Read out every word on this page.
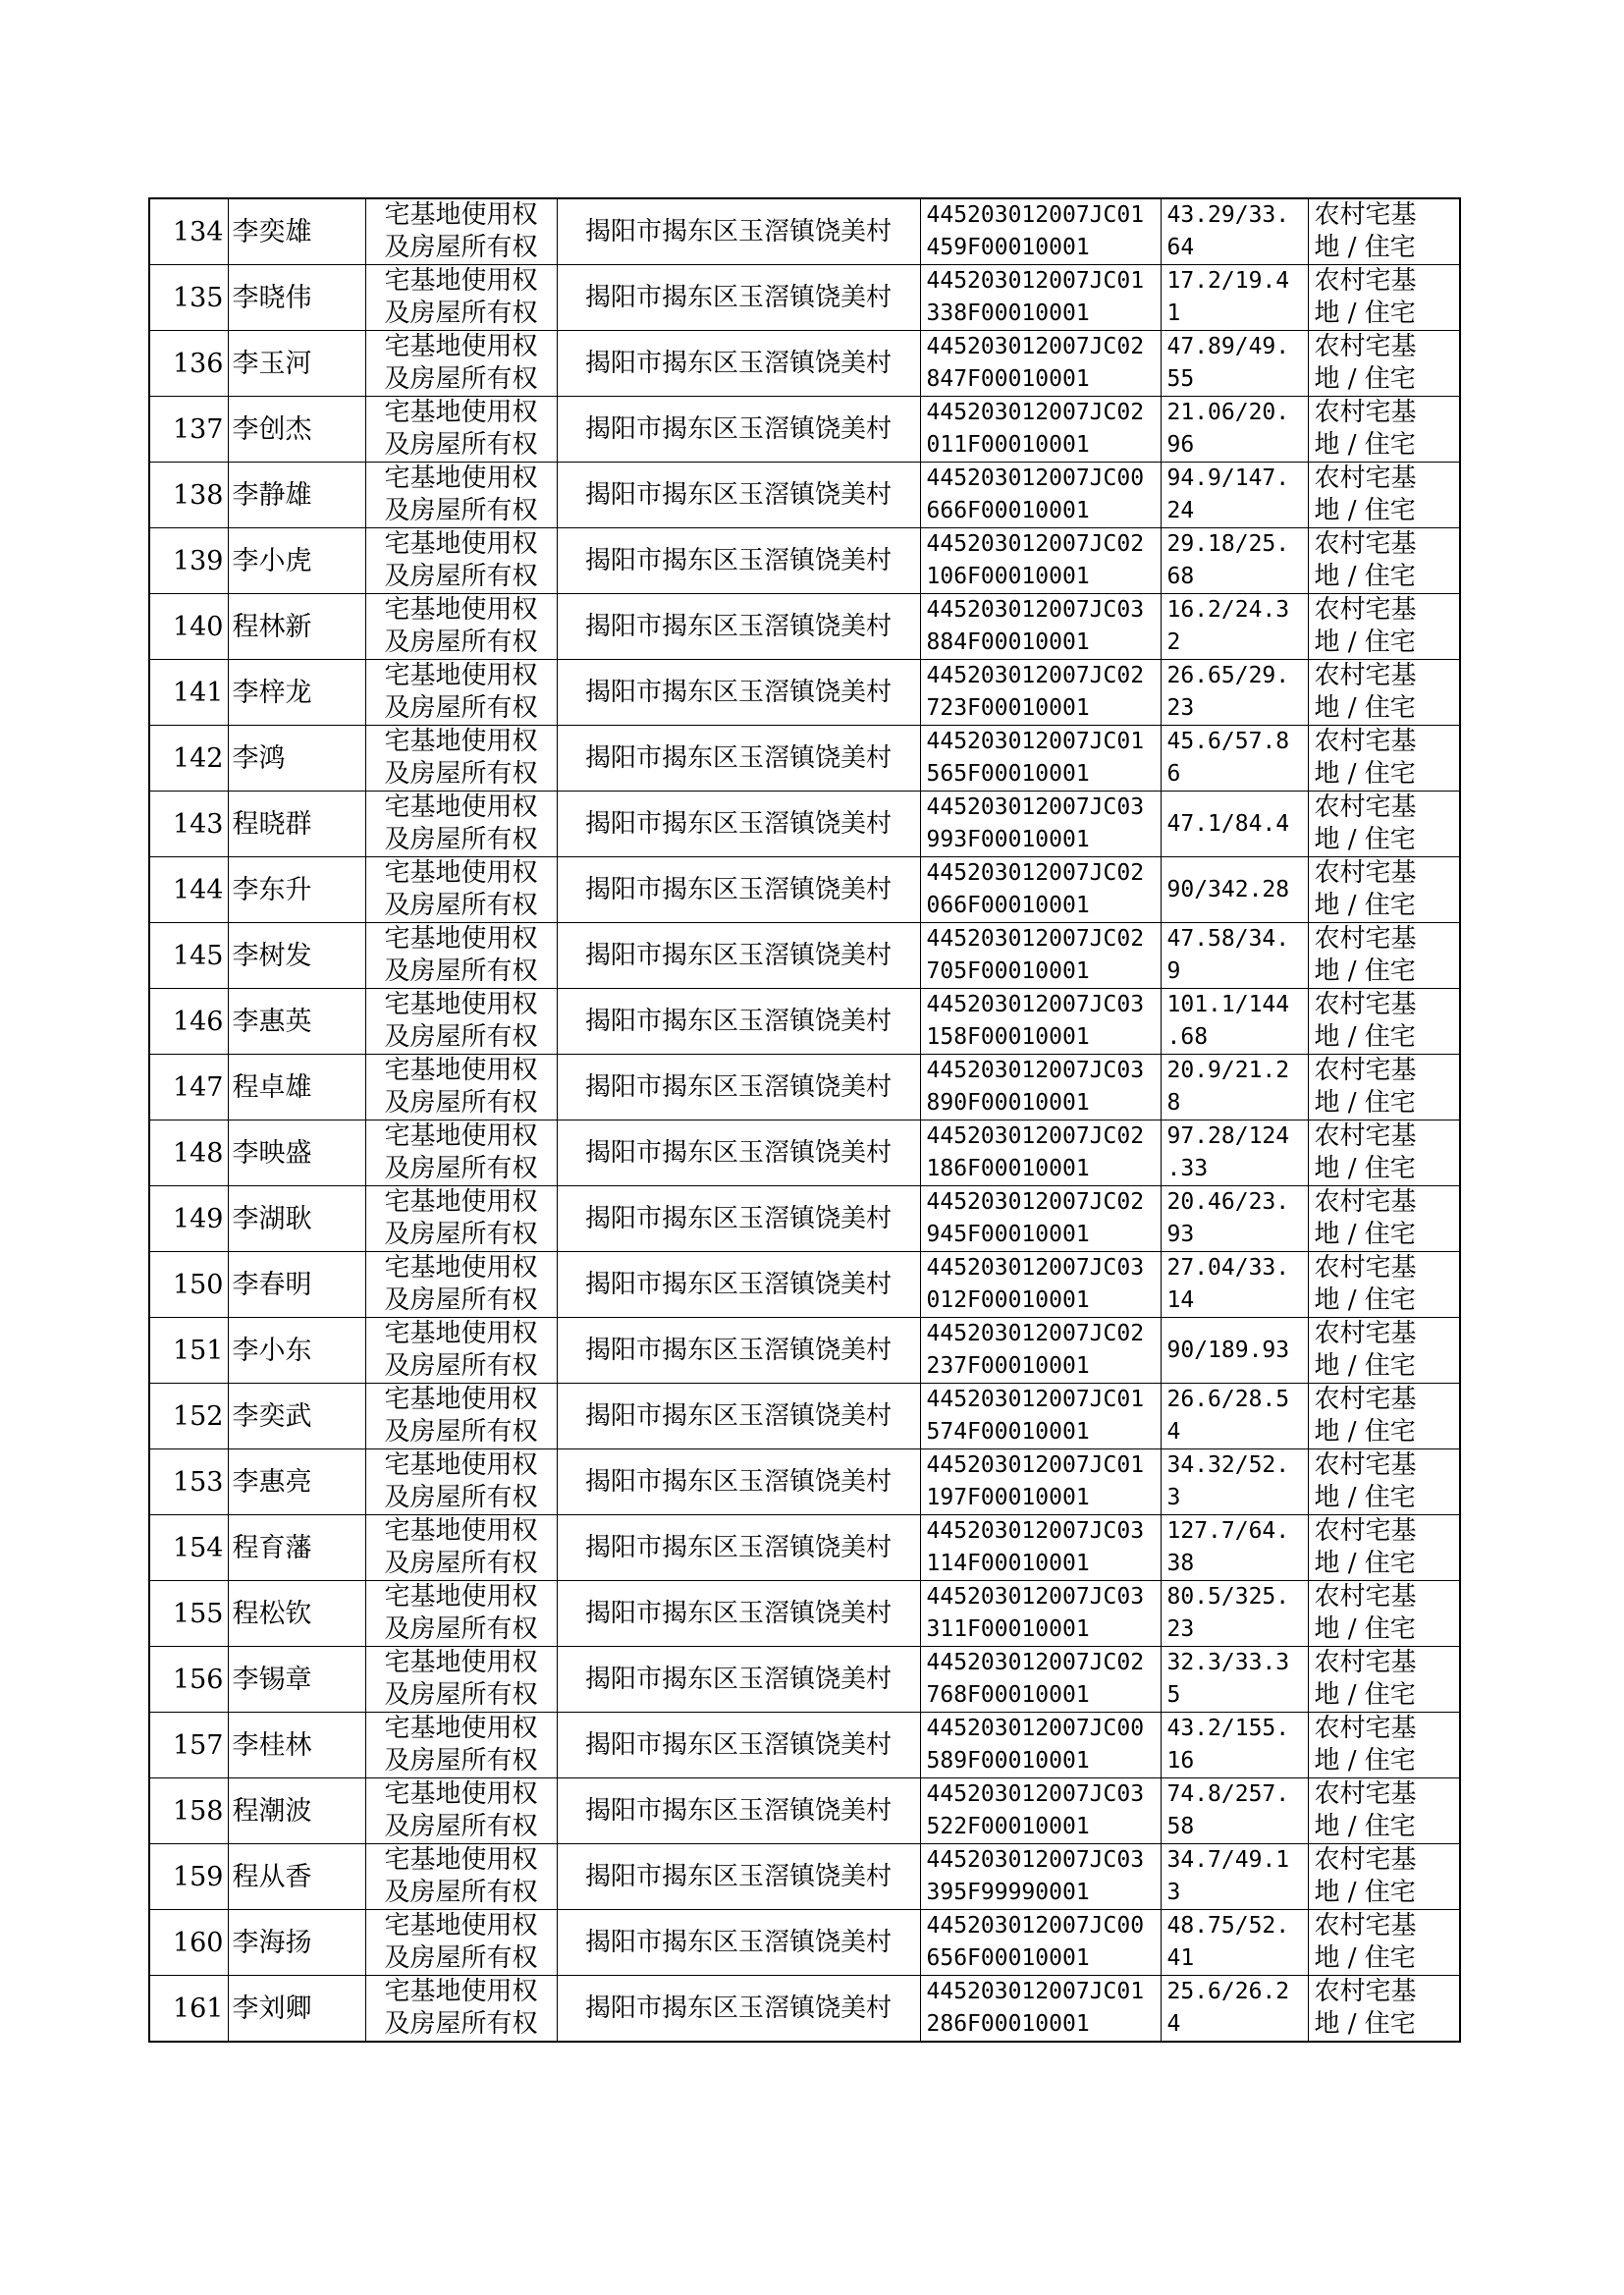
134	李奕雄	宅基地使用权
及房屋所有权	揭阳市揭东区玉滘镇饶美村	445203012007JC01
459F00010001	43.29/33.
64	农村宅基
地 / 住宅

135	李晓伟	宅基地使用权
及房屋所有权	揭阳市揭东区玉滘镇饶美村	445203012007JC01
338F00010001	17.2/19.4
1	农村宅基
地 / 住宅

136	李玉河	宅基地使用权
及房屋所有权	揭阳市揭东区玉滘镇饶美村	445203012007JC02
847F00010001	47.89/49.
55	农村宅基
地 / 住宅

137	李创杰	宅基地使用权
及房屋所有权	揭阳市揭东区玉滘镇饶美村	445203012007JC02
011F00010001	21.06/20.
96	农村宅基
地 / 住宅

138	李静雄	宅基地使用权
及房屋所有权	揭阳市揭东区玉滘镇饶美村	445203012007JC00
666F00010001	94.9/147.
24	农村宅基
地 / 住宅

139	李小虎	宅基地使用权
及房屋所有权	揭阳市揭东区玉滘镇饶美村	445203012007JC02
106F00010001	29.18/25.
68	农村宅基
地 / 住宅

140	程林新	宅基地使用权
及房屋所有权	揭阳市揭东区玉滘镇饶美村	445203012007JC03
884F00010001	16.2/24.3
2	农村宅基
地 / 住宅

141	李梓龙	宅基地使用权
及房屋所有权	揭阳市揭东区玉滘镇饶美村	445203012007JC02
723F00010001	26.65/29.
23	农村宅基
地 / 住宅

142	李鸿	宅基地使用权
及房屋所有权	揭阳市揭东区玉滘镇饶美村	445203012007JC01
565F00010001	45.6/57.8
6	农村宅基
地 / 住宅

143	程晓群	宅基地使用权
及房屋所有权	揭阳市揭东区玉滘镇饶美村	445203012007JC03
993F00010001	47.1/84.4	农村宅基
地 / 住宅

144	李东升	宅基地使用权
及房屋所有权	揭阳市揭东区玉滘镇饶美村	445203012007JC02
066F00010001	90/342.28	农村宅基
地 / 住宅

145	李树发	宅基地使用权
及房屋所有权	揭阳市揭东区玉滘镇饶美村	445203012007JC02
705F00010001	47.58/34.
9	农村宅基
地 / 住宅

146	李惠英	宅基地使用权
及房屋所有权	揭阳市揭东区玉滘镇饶美村	445203012007JC03
158F00010001	101.1/144
.68	农村宅基
地 / 住宅

147	程卓雄	宅基地使用权
及房屋所有权	揭阳市揭东区玉滘镇饶美村	445203012007JC03
890F00010001	20.9/21.2
8	农村宅基
地 / 住宅

148	李映盛	宅基地使用权
及房屋所有权	揭阳市揭东区玉滘镇饶美村	445203012007JC02
186F00010001	97.28/124
.33	农村宅基
地 / 住宅

149	李湖耿	宅基地使用权
及房屋所有权	揭阳市揭东区玉滘镇饶美村	445203012007JC02
945F00010001	20.46/23.
93	农村宅基
地 / 住宅

150	李春明	宅基地使用权
及房屋所有权	揭阳市揭东区玉滘镇饶美村	445203012007JC03
012F00010001	27.04/33.
14	农村宅基
地 / 住宅

151	李小东	宅基地使用权
及房屋所有权	揭阳市揭东区玉滘镇饶美村	445203012007JC02
237F00010001	90/189.93	农村宅基
地 / 住宅

152	李奕武	宅基地使用权
及房屋所有权	揭阳市揭东区玉滘镇饶美村	445203012007JC01
574F00010001	26.6/28.5
4	农村宅基
地 / 住宅

153	李惠亮	宅基地使用权
及房屋所有权	揭阳市揭东区玉滘镇饶美村	445203012007JC01
197F00010001	34.32/52.
3	农村宅基
地 / 住宅

154	程育藩	宅基地使用权
及房屋所有权	揭阳市揭东区玉滘镇饶美村	445203012007JC03
114F00010001	127.7/64.
38	农村宅基
地 / 住宅

155	程松钦	宅基地使用权
及房屋所有权	揭阳市揭东区玉滘镇饶美村	445203012007JC03
311F00010001	80.5/325.
23	农村宅基
地 / 住宅

156	李锡章	宅基地使用权
及房屋所有权	揭阳市揭东区玉滘镇饶美村	445203012007JC02
768F00010001	32.3/33.3
5	农村宅基
地 / 住宅

157	李桂林	宅基地使用权
及房屋所有权	揭阳市揭东区玉滘镇饶美村	445203012007JC00
589F00010001	43.2/155.
16	农村宅基
地 / 住宅

158	程潮波	宅基地使用权
及房屋所有权	揭阳市揭东区玉滘镇饶美村	445203012007JC03
522F00010001	74.8/257.
58	农村宅基
地 / 住宅

159	程从香	宅基地使用权
及房屋所有权	揭阳市揭东区玉滘镇饶美村	445203012007JC03
395F99990001	34.7/49.1
3	农村宅基
地 / 住宅

160	李海扬	宅基地使用权
及房屋所有权	揭阳市揭东区玉滘镇饶美村	445203012007JC00
656F00010001	48.75/52.
41	农村宅基
地 / 住宅

161	李刘卿	宅基地使用权
及房屋所有权	揭阳市揭东区玉滘镇饶美村	445203012007JC01
286F00010001	25.6/26.2
4	农村宅基
地 / 住宅
